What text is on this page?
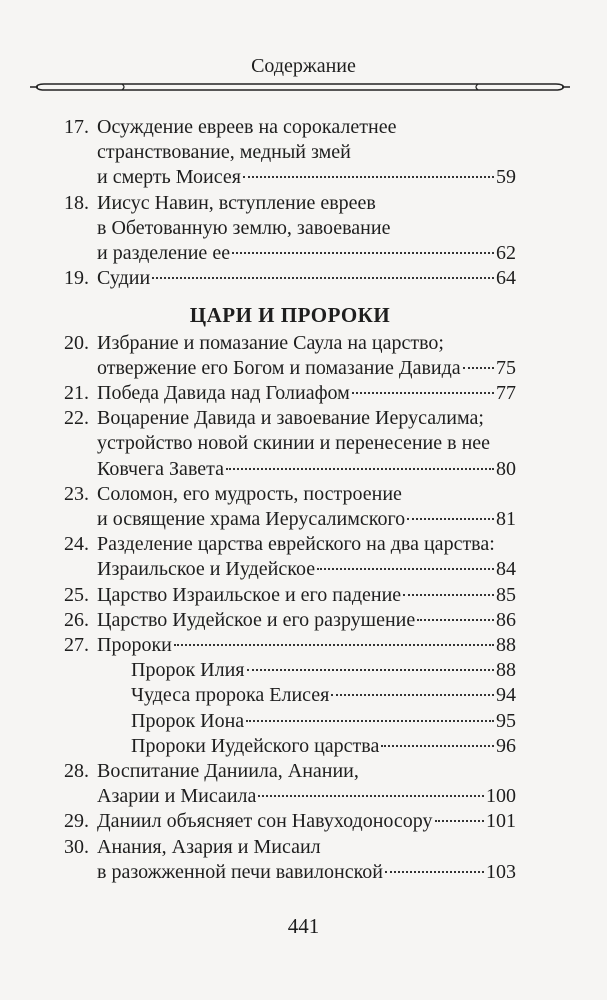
Содержание
17. Осуждение евреев на сорокалетнее
странствование, медный змей
и смерть Моисея	59
18. Иисус Навин, вступление евреев
в Обетованную землю, завоевание
и разделение ее	62
19. Судии	64
ЦАРИ И ПРОРОКИ
20. Избрание и помазание Саула на царство;
отвержение его Богом и помазание Давида 75
21. Победа Давида над Голиафом	77
22. Воцарение Давида и завоевание Иерусалима;
устройство новой скинии и перенесение в нее
Ковчега Завета	80
23. Соломон, его мудрость, построение
и освящение храма Иерусалимского	81
24. Разделение царства еврейского на два царства:
Израильское и Иудейское	84
25. Царство Израильское и его падение	85
26. Царство Иудейское и его разрушение	86
27. Пророки	88
Пророк Илия	88
Чудеса пророка Елисея	94
Пророк Иона	95
Пророки Иудейского царства	96
28. Воспитание Даниила, Анании,
Азарии и Мисаила	100
29. Даниил объясняет сон Навуходоносору	101
30. Анания, Азария и Мисаил
в разожженной печи вавилонской	103
441
